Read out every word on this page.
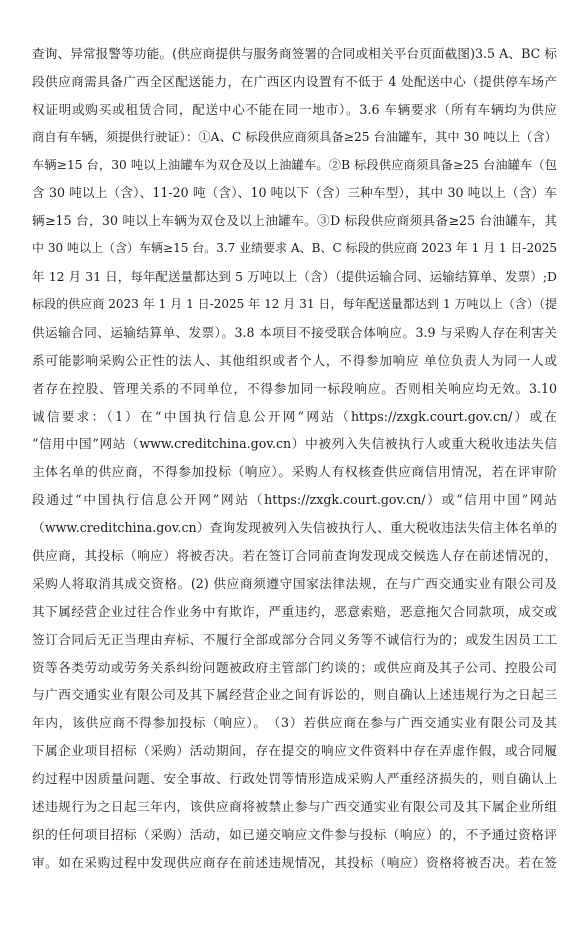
查询、异常报警等功能。(供应商提供与服务商签署的合同或相关平台页面截图)3.5 A、BC 标
段供应商需具备广西全区配送能力，在广西区内设置有不低于 4 处配送中心（提供停车场产
权证明或购买或租赁合同，配送中心不能在同一地市）。3.6 车辆要求（所有车辆均为供应
商自有车辆，须提供行驶证）：①A、C 标段供应商须具备≥25 台油罐车，其中 30 吨以上（含）
车辆≥15 台，30 吨以上油罐车为双仓及以上油罐车。②B 标段供应商须具备≥25 台油罐车（包
含 30 吨以上（含）、11-20 吨（含）、10 吨以下（含）三种车型），其中 30 吨以上（含）车
辆≥15 台，30 吨以上车辆为双仓及以上油罐车。③D 标段供应商须具备≥25 台油罐车，其
中 30 吨以上（含）车辆≥15 台。3.7 业绩要求 A、B、C 标段的供应商 2023 年 1 月 1 日-2025
年 12 月 31 日，每年配送量都达到 5 万吨以上（含）（提供运输合同、运输结算单、发票）;D
标段的供应商 2023 年 1 月 1 日-2025 年 12 月 31 日，每年配送量都达到 1 万吨以上（含）（提
供运输合同、运输结算单、发票）。3.8 本项目不接受联合体响应。3.9 与采购人存在利害关
系可能影响采购公正性的法人、其他组织或者个人，不得参加响应 单位负责人为同一人或
者存在控股、管理关系的不同单位，不得参加同一标段响应。否则相关响应均无效。3.10
诚信要求：（1）在“中国执行信息公开网”网站（https://zxgk.court.gov.cn/）或在
“信用中国”网站（www.creditchina.gov.cn）中被列入失信被执行人或重大税收违法失信
主体名单的供应商，不得参加投标（响应）。采购人有权核查供应商信用情况，若在评审阶
段通过“中国执行信息公开网”网站（https://zxgk.court.gov.cn/）或“信用中国”网站
（www.creditchina.gov.cn）查询发现被列入失信被执行人、重大税收违法失信主体名单的
供应商，其投标（响应）将被否决。若在签订合同前查询发现成交候选人存在前述情况的，
采购人将取消其成交资格。(2) 供应商须遵守国家法律法规，在与广西交通实业有限公司及
其下属经营企业过往合作业务中有欺诈，严重违约，恶意索赔，恶意拖欠合同款项，成交或
签订合同后无正当理由弃标、不履行全部或部分合同义务等不诚信行为的；或发生因员工工
资等各类劳动或劳务关系纠纷问题被政府主管部门约谈的；或供应商及其子公司、控股公司
与广西交通实业有限公司及其下属经营企业之间有诉讼的，则自确认上述违规行为之日起三
年内，该供应商不得参加投标（响应）。　（3）若供应商在参与广西交通实业有限公司及其
下属企业项目招标（采购）活动期间，存在提交的响应文件资料中存在弄虚作假，或合同履
约过程中因质量问题、安全事故、行政处罚等情形造成采购人严重经济损失的，则自确认上
述违规行为之日起三年内，该供应商将被禁止参与广西交通实业有限公司及其下属企业所组
织的任何项目招标（采购）活动，如已递交响应文件参与投标（响应）的，不予通过资格评
审。如在采购过程中发现供应商存在前述违规情况，其投标（响应）资格将被否决。若在签
